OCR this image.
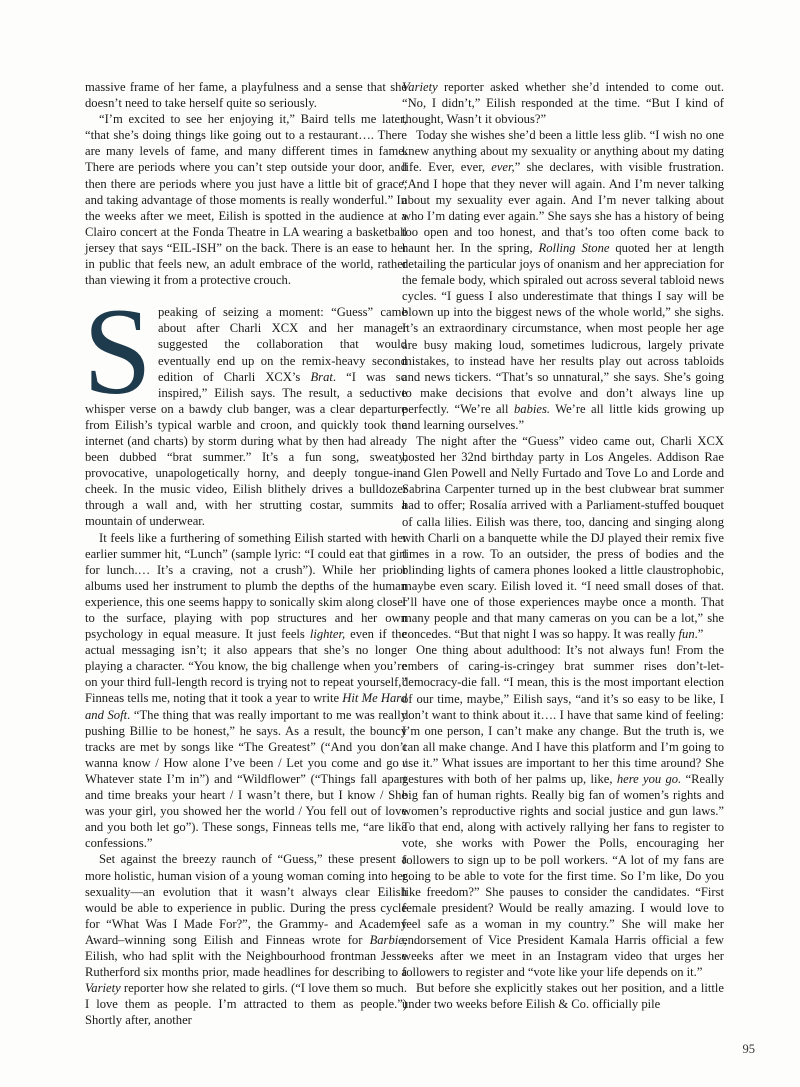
massive frame of her fame, a playfulness and a sense that she doesn’t need to take herself quite so seriously.

“I’m excited to see her enjoying it,” Baird tells me later, “that she’s doing things like going out to a restaurant…. There are many levels of fame, and many different times in fame. There are periods where you can’t step outside your door, and then there are periods where you just have a little bit of grace, and taking advantage of those moments is really wonderful.” In the weeks after we meet, Eilish is spotted in the audience at a Clairo concert at the Fonda Theatre in LA wearing a basketball jersey that says “EIL-ISH” on the back. There is an ease to her in public that feels new, an adult embrace of the world, rather than viewing it from a protective crouch.

Speaking of seizing a moment: “Guess” came about after Charli XCX and her manager suggested the collaboration that would eventually end up on the remix-heavy second edition of Charli XCX’s Brat. “I was so inspired,” Eilish says. The result, a seductive whisper verse on a bawdy club banger, was a clear departure from Eilish’s typical warble and croon, and quickly took the internet (and charts) by storm during what by then had already been dubbed “brat summer.” It’s a fun song, sweaty, provocative, unapologetically horny, and deeply tongue-in-cheek. In the music video, Eilish blithely drives a bulldozer through a wall and, with her strutting costar, summits a mountain of underwear.

It feels like a furthering of something Eilish started with her earlier summer hit, “Lunch” (sample lyric: “I could eat that girl for lunch.… It’s a craving, not a crush”). While her prior albums used her instrument to plumb the depths of the human experience, this one seems happy to sonically skim along closer to the surface, playing with pop structures and her own psychology in equal measure. It just feels lighter, even if the actual messaging isn’t; it also appears that she’s no longer playing a character. “You know, the big challenge when you’re on your third full-length record is trying not to repeat yourself,” Finneas tells me, noting that it took a year to write Hit Me Hard and Soft. “The thing that was really important to me was really pushing Billie to be honest,” he says. As a result, the bouncy tracks are met by songs like “The Greatest” (“And you don’t wanna know / How alone I’ve been / Let you come and go / Whatever state I’m in”) and “Wildflower” (“Things fall apart and time breaks your heart / I wasn’t there, but I know / She was your girl, you showed her the world / You fell out of love and you both let go”). These songs, Finneas tells me, “are like confessions.”

Set against the breezy raunch of “Guess,” these present a more holistic, human vision of a young woman coming into her sexuality—an evolution that it wasn’t always clear Eilish would be able to experience in public. During the press cycle for “What Was I Made For?”, the Grammy- and Academy Award–winning song Eilish and Finneas wrote for Barbie, Eilish, who had split with the Neighbourhood frontman Jesse Rutherford six months prior, made headlines for describing to a Variety reporter how she related to girls. (“I love them so much. I love them as people. I’m attracted to them as people.”) Shortly after, another

Variety reporter asked whether she’d intended to come out. “No, I didn’t,” Eilish responded at the time. “But I kind of thought, Wasn’t it obvious?”

Today she wishes she’d been a little less glib. “I wish no one knew anything about my sexuality or anything about my dating life. Ever, ever, ever,” she declares, with visible frustration. “And I hope that they never will again. And I’m never talking about my sexuality ever again. And I’m never talking about who I’m dating ever again.” She says she has a history of being too open and too honest, and that’s too often come back to haunt her. In the spring, Rolling Stone quoted her at length detailing the particular joys of onanism and her appreciation for the female body, which spiraled out across several tabloid news cycles. “I guess I also underestimate that things I say will be blown up into the biggest news of the whole world,” she sighs. It’s an extraordinary circumstance, when most people her age are busy making loud, sometimes ludicrous, largely private mistakes, to instead have her results play out across tabloids and news tickers. “That’s so unnatural,” she says. She’s going to make decisions that evolve and don’t always line up perfectly. “We’re all babies. We’re all little kids growing up and learning ourselves.”

The night after the “Guess” video came out, Charli XCX hosted her 32nd birthday party in Los Angeles. Addison Rae and Glen Powell and Nelly Furtado and Tove Lo and Lorde and Sabrina Carpenter turned up in the best clubwear brat summer had to offer; Rosalía arrived with a Parliament-stuffed bouquet of calla lilies. Eilish was there, too, dancing and singing along with Charli on a banquette while the DJ played their remix five times in a row. To an outsider, the press of bodies and the blinding lights of camera phones looked a little claustrophobic, maybe even scary. Eilish loved it. “I need small doses of that. I’ll have one of those experiences maybe once a month. That many people and that many cameras on you can be a lot,” she concedes. “But that night I was so happy. It was really fun.”

One thing about adulthood: It’s not always fun! From the embers of caring-is-cringey brat summer rises don’t-let-democracy-die fall. “I mean, this is the most important election of our time, maybe,” Eilish says, “and it’s so easy to be like, I don’t want to think about it…. I have that same kind of feeling: I’m one person, I can’t make any change. But the truth is, we can all make change. And I have this platform and I’m going to use it.” What issues are important to her this time around? She gestures with both of her palms up, like, here you go. “Really big fan of human rights. Really big fan of women’s rights and women’s reproductive rights and social justice and gun laws.” To that end, along with actively rallying her fans to register to vote, she works with Power the Polls, encouraging her followers to sign up to be poll workers. “A lot of my fans are going to be able to vote for the first time. So I’m like, Do you like freedom?” She pauses to consider the candidates. “First female president? Would be really amazing. I would love to feel safe as a woman in my country.” She will make her endorsement of Vice President Kamala Harris official a few weeks after we meet in an Instagram video that urges her followers to register and “vote like your life depends on it.”

But before she explicitly stakes out her position, and a little under two weeks before Eilish & Co. officially pile

95
